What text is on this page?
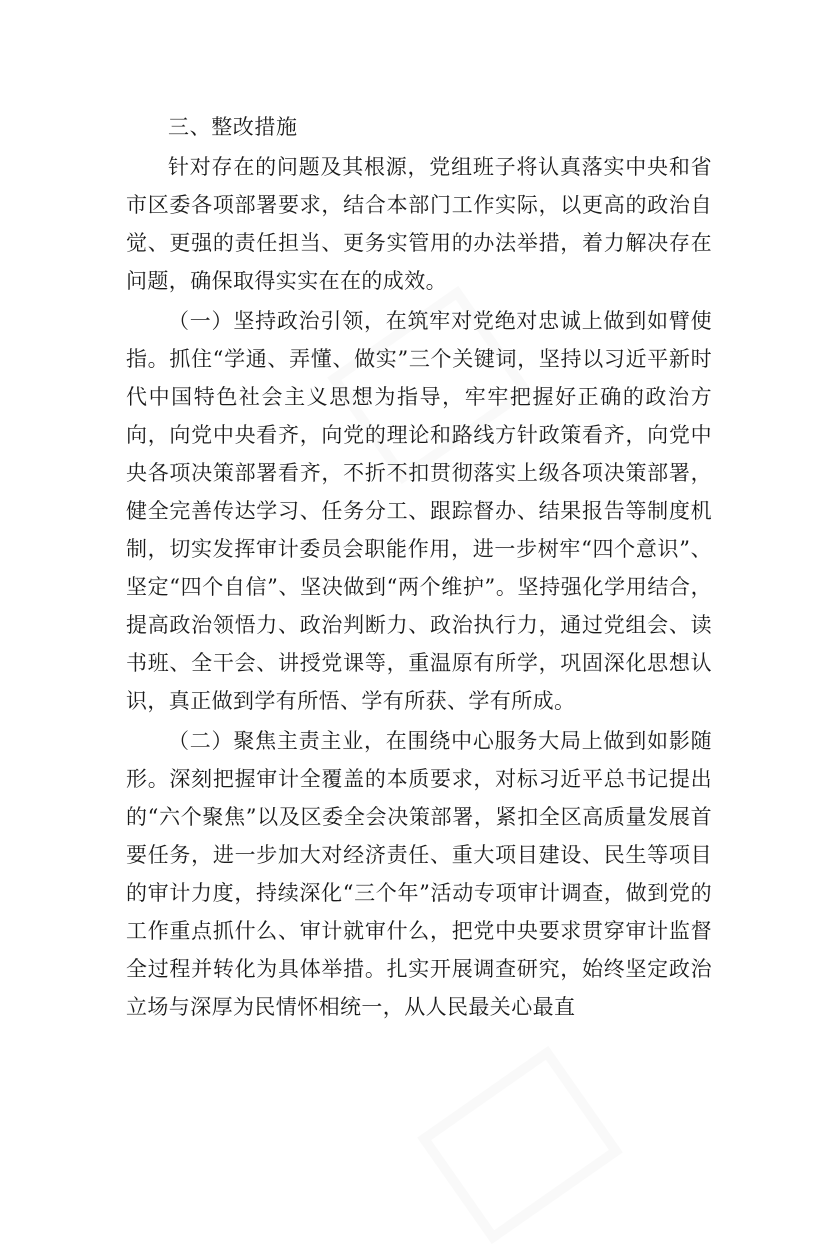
三、整改措施

针对存在的问题及其根源，党组班子将认真落实中央和省市区委各项部署要求，结合本部门工作实际，以更高的政治自觉、更强的责任担当、更务实管用的办法举措，着力解决存在问题，确保取得实实在在的成效。

（一）坚持政治引领，在筑牢对党绝对忠诚上做到如臂使指。抓住“学通、弄懂、做实”三个关键词，坚持以习近平新时代中国特色社会主义思想为指导，牢牢把握好正确的政治方向，向党中央看齐，向党的理论和路线方针政策看齐，向党中央各项决策部署看齐，不折不扣贯彻落实上级各项决策部署，健全完善传达学习、任务分工、跟踪督办、结果报告等制度机制，切实发挥审计委员会职能作用，进一步树牢“四个意识”、坚定“四个自信”、坚决做到“两个维护”。坚持强化学用结合，提高政治领悟力、政治判断力、政治执行力，通过党组会、读书班、全干会、讲授党课等，重温原有所学，巩固深化思想认识，真正做到学有所悟、学有所获、学有所成。

（二）聚焦主责主业，在围绕中心服务大局上做到如影随形。深刻把握审计全覆盖的本质要求，对标习近平总书记提出的“六个聚焦”以及区委全会决策部署，紧扣全区高质量发展首要任务，进一步加大对经济责任、重大项目建设、民生等项目的审计力度，持续深化“三个年”活动专项审计调查，做到党的工作重点抓什么、审计就审什么，把党中央要求贯穿审计监督全过程并转化为具体举措。扎实开展调查研究，始终坚定政治立场与深厚为民情怀相统一，从人民最关心最直
